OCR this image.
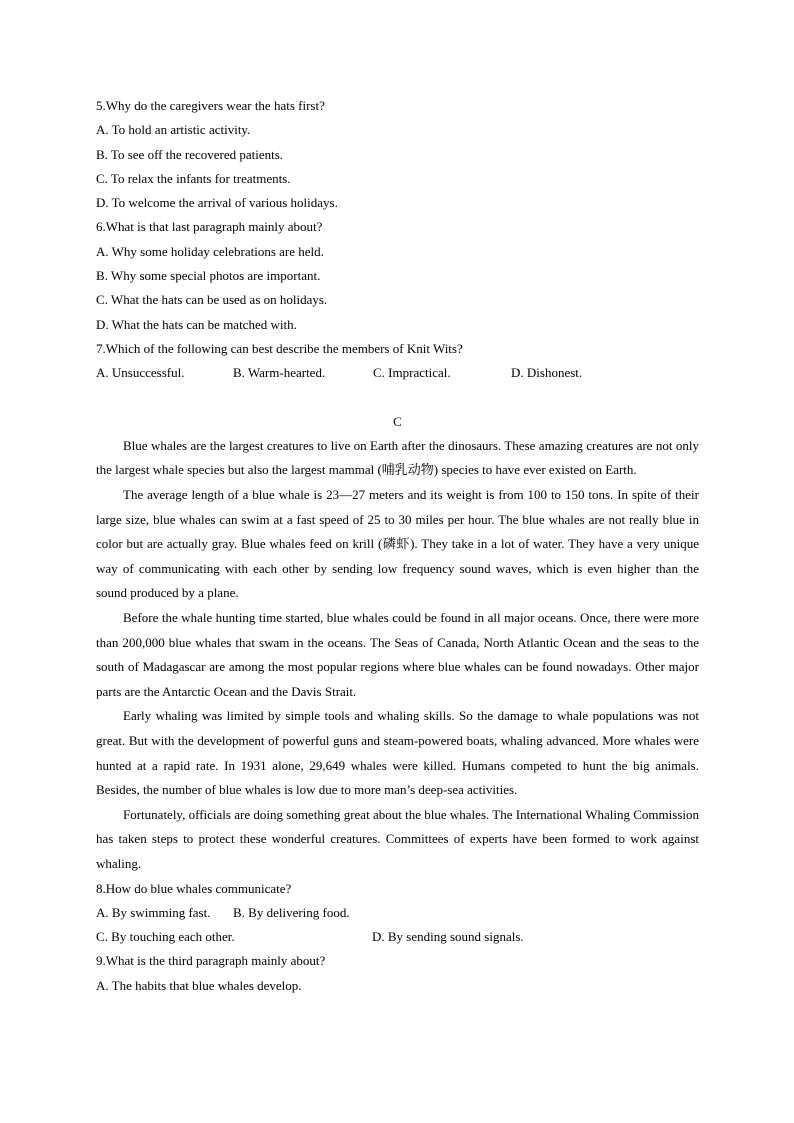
5.Why do the caregivers wear the hats first?
A. To hold an artistic activity.
B. To see off the recovered patients.
C. To relax the infants for treatments.
D. To welcome the arrival of various holidays.
6.What is that last paragraph mainly about?
A. Why some holiday celebrations are held.
B. Why some special photos are important.
C. What the hats can be used as on holidays.
D. What the hats can be matched with.
7.Which of the following can best describe the members of Knit Wits?
A. Unsuccessful.	B. Warm-hearted.	C. Impractical.	D. Dishonest.
C
Blue whales are the largest creatures to live on Earth after the dinosaurs. These amazing creatures are not only the largest whale species but also the largest mammal (哺乳动物) species to have ever existed on Earth.
The average length of a blue whale is 23—27 meters and its weight is from 100 to 150 tons. In spite of their large size, blue whales can swim at a fast speed of 25 to 30 miles per hour. The blue whales are not really blue in color but are actually gray. Blue whales feed on krill (磷虾). They take in a lot of water. They have a very unique way of communicating with each other by sending low frequency sound waves, which is even higher than the sound produced by a plane.
Before the whale hunting time started, blue whales could be found in all major oceans. Once, there were more than 200,000 blue whales that swam in the oceans. The Seas of Canada, North Atlantic Ocean and the seas to the south of Madagascar are among the most popular regions where blue whales can be found nowadays. Other major parts are the Antarctic Ocean and the Davis Strait.
Early whaling was limited by simple tools and whaling skills. So the damage to whale populations was not great. But with the development of powerful guns and steam-powered boats, whaling advanced. More whales were hunted at a rapid rate. In 1931 alone, 29,649 whales were killed. Humans competed to hunt the big animals. Besides, the number of blue whales is low due to more man’s deep-sea activities.
Fortunately, officials are doing something great about the blue whales. The International Whaling Commission has taken steps to protect these wonderful creatures. Committees of experts have been formed to work against whaling.
8.How do blue whales communicate?
A. By swimming fast.	B. By delivering food.
C. By touching each other.	D. By sending sound signals.
9.What is the third paragraph mainly about?
A. The habits that blue whales develop.
